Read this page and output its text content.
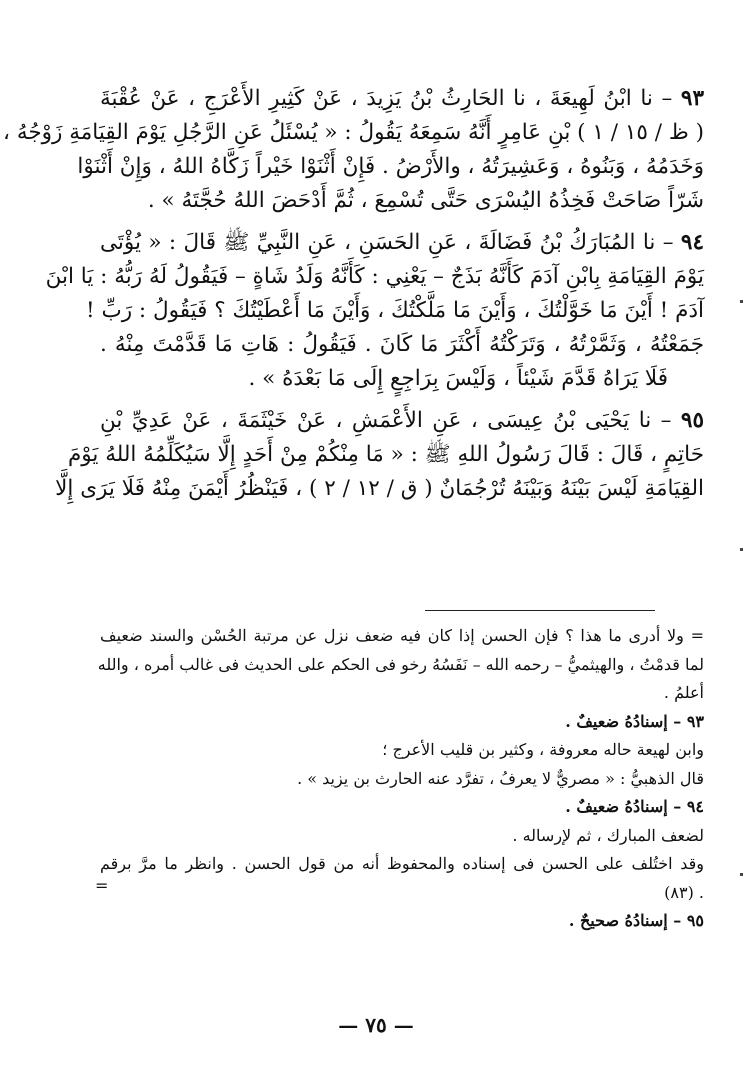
٩٣ – نا ابْنُ لَهِيعَةَ ، نا الحَارِثُ بْنُ يَزِيدَ ، عَنْ كَثِيرِ الأَعْرَجِ ، عَنْ عُقْبَةَ
( ظ / ١٥ / ١ ) بْنِ عَامِرٍ أَنَّهُ سَمِعَهُ يَقُولُ : « يُسْئَلُ عَنِ الرَّجُلِ يَوْمَ القِيَامَةِ زَوْجُهُ ،
وَخَدَمُهُ ، وَبَنُوهُ ، وَعَشِيرَتُهُ ، والأَرْضُ . فَإِنْ أَثْنَوْا خَيْراً زَكَّاهُ اللهُ ، وَإِنْ أَثْنَوْا
شَرّاً صَاحَتْ فَخِذُهُ اليُسْرَى حَتَّى تُسْمِعَ ، ثُمَّ أَدْحَضَ اللهُ حُجَّتَهُ » .
٩٤ – نا المُبَارَكُ بْنُ فَضَالَةَ ، عَنِ الحَسَنِ ، عَنِ النَّبِيِّ ﷺ قَالَ : « يُؤْتَى
يَوْمَ القِيَامَةِ بِابْنِ آدَمَ كَأَنَّهُ بَذَجٌ – يَعْنِي : كَأَنَّهُ وَلَدُ شَاةٍ – فَيَقُولُ لَهُ رَبُّهُ : يَا ابْنَ
آدَمَ ! أَيْنَ مَا خَوَّلْتُكَ ، وَأَيْنَ مَا مَلَّكْتُكَ ، وَأَيْنَ مَا أَعْطَيْتُكَ ؟ فَيَقُولُ : رَبِّ !
جَمَعْتُهُ ، وَثَمَّرْتُهُ ، وَتَرَكْتُهُ أَكْثَرَ مَا كَانَ . فَيَقُولُ : هَاتِ مَا قَدَّمْتَ مِنْهُ .
فَلَا يَرَاهُ قَدَّمَ شَيْئاً ، وَلَيْسَ بِرَاجِعٍ إِلَى مَا بَعْدَهُ » .
٩٥ – نا يَحْيَى بْنُ عِيسَى ، عَنِ الأَعْمَشِ ، عَنْ خَيْثَمَةَ ، عَنْ عَدِيِّ بْنِ
حَاتِمٍ ، قَالَ : قَالَ رَسُولُ اللهِ ﷺ : « مَا مِنْكُمْ مِنْ أَحَدٍ إِلَّا سَيُكَلِّمُهُ اللهُ يَوْمَ
القِيَامَةِ لَيْسَ بَيْنَهُ وَبَيْنَهُ تُرْجُمَانٌ ( ق / ١٢ / ٢ ) ، فَيَنْظُرُ أَيْمَنَ مِنْهُ فَلَا يَرَى إِلَّا
= ولا أدرى ما هذا ؟ فإن الحسن إذا كان فيه ضعف نزل عن مرتبة الحُسْن والسند ضعيف
لما قدمْتُ ، والهيثميُّ – رحمه الله – نَفَسُهُ رخو فى الحكم على الحديث فى غالب أمره ، والله
أعلمُ .
٩٣ – إسنادُهُ ضعيفٌ .
وابن لهيعة حاله معروفة ، وكثير بن قليب الأعرج ؛
قال الذهبيُّ : « مصريٌّ لا يعرفُ ، تفرَّد عنه الحارث بن يزيد » .
٩٤ – إسنادُهُ ضعيفٌ .
لضعف المبارك ، ثم لإرساله .
وقد اختُلف على الحسن فى إسناده والمحفوظ أنه من قول الحسن . وانظر ما مرَّ برقم
. (٨٣)
٩٥ – إسنادُهُ صحيحٌ .
=
— ٧٥ —
